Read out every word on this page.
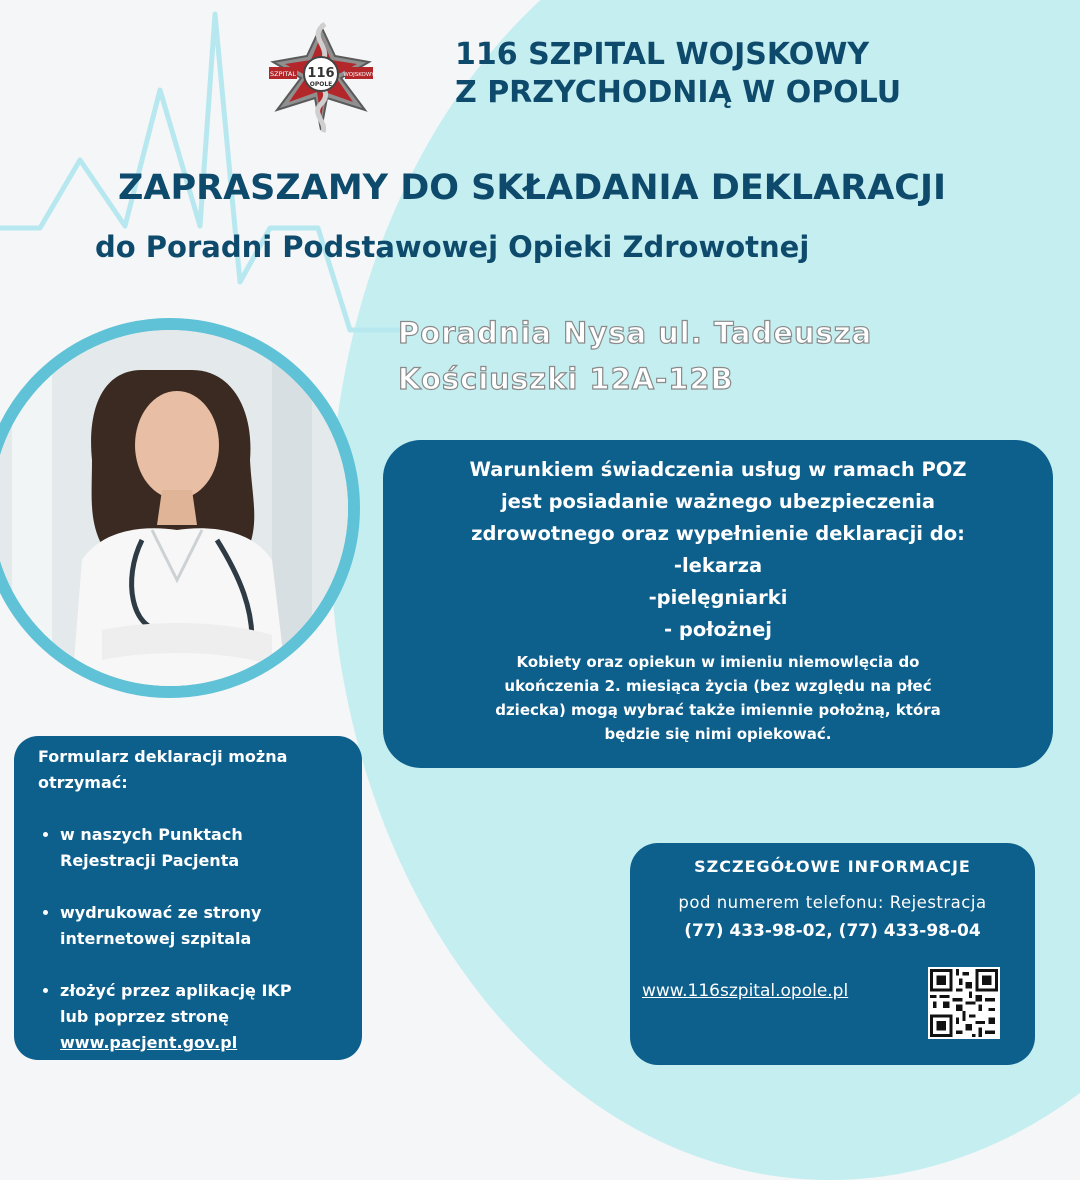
SZPITAL	WOJSKOWY
116
OPOLE
116 SZPITAL WOJSKOWY
Z PRZYCHODNIĄ W OPOLU
ZAPRASZAMY DO SKŁADANIA DEKLARACJI
do Poradni Podstawowej Opieki Zdrowotnej
Poradnia Nysa ul. Tadeusza
Kościuszki 12A-12B
Warunkiem świadczenia usług w ramach POZ
jest posiadanie ważnego ubezpieczenia
zdrowotnego oraz wypełnienie deklaracji do:
-lekarza
-pielęgniarki
- położnej
Kobiety oraz opiekun w imieniu niemowlęcia do
ukończenia 2. miesiąca życia (bez względu na płeć
dziecka) mogą wybrać także imiennie położną, która
będzie się nimi opiekować.
Formularz deklaracji można
otrzymać:
• w naszych Punktach
Rejestracji Pacjenta
• wydrukować ze strony
internetowej szpitala
• złożyć przez aplikację IKP
lub poprzez stronę
www.pacjent.gov.pl
SZCZEGÓŁOWE INFORMACJE
pod numerem telefonu: Rejestracja
(77) 433-98-02, (77) 433-98-04
www.116szpital.opole.pl
